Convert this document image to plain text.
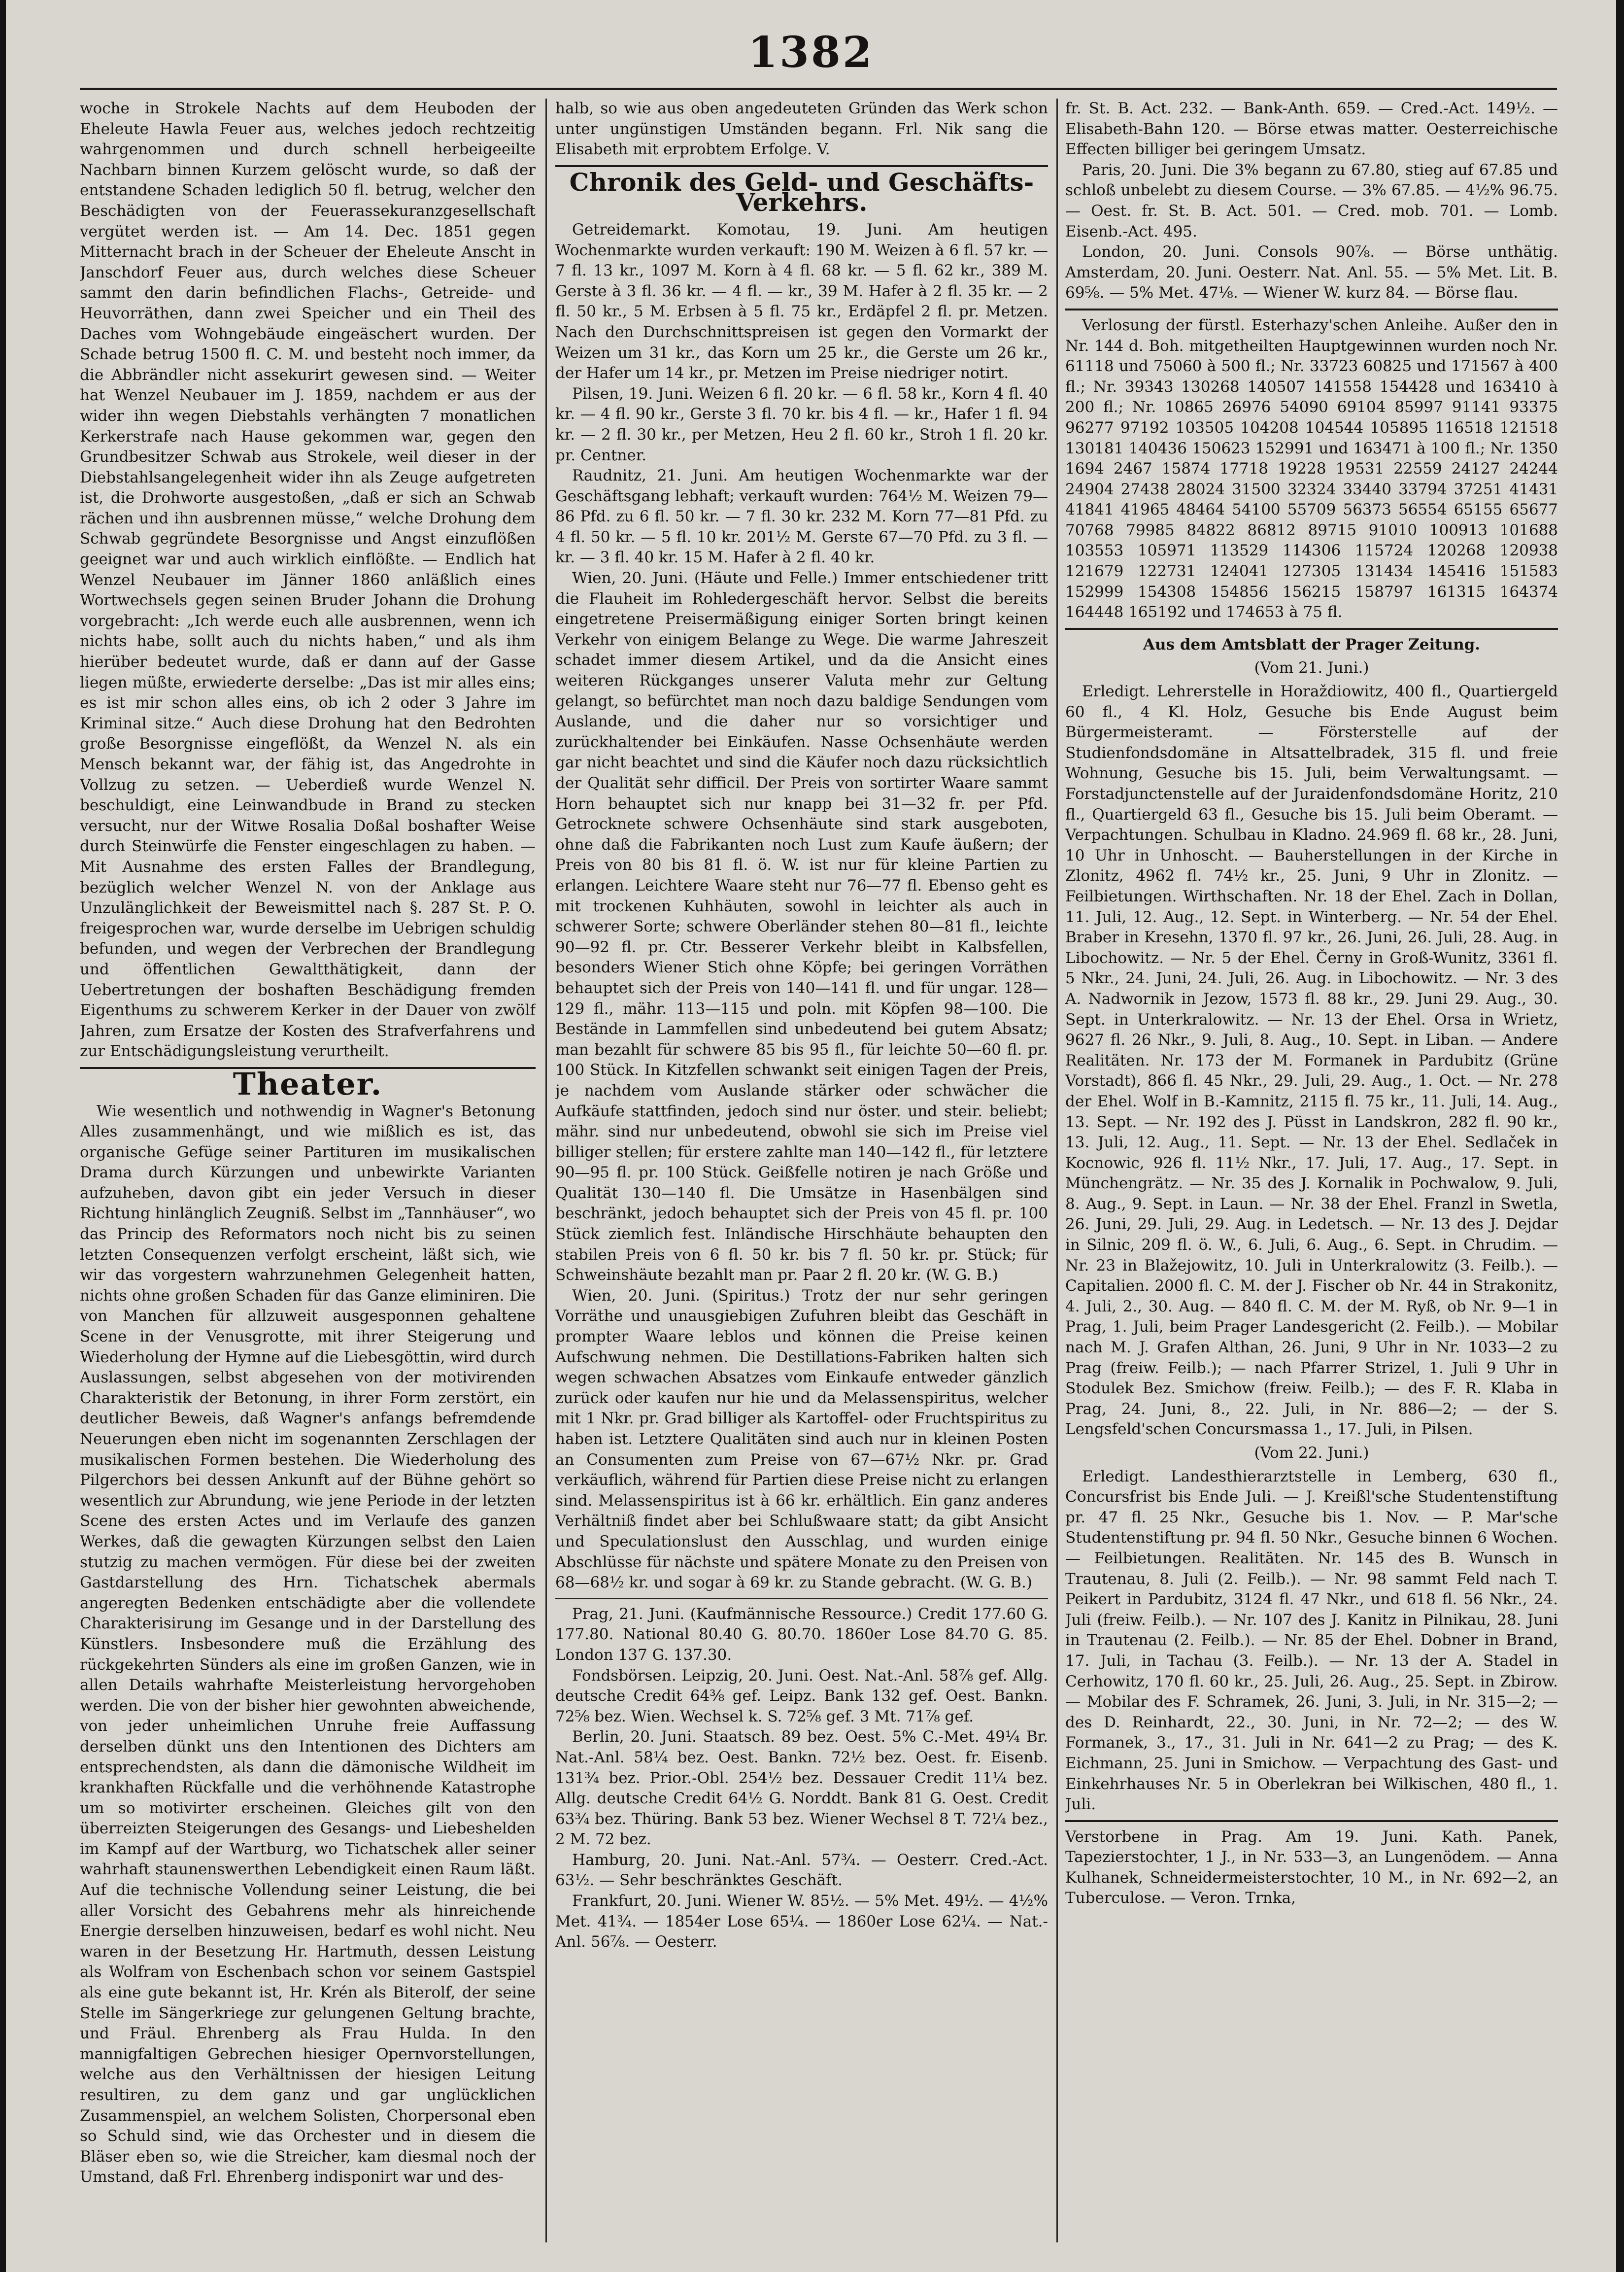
1382

woche in Strokele Nachts auf dem Heuboden der Eheleute Hawla Feuer aus, welches jedoch rechtzeitig wahrgenommen und durch schnell herbeigeeilte Nachbarn binnen Kurzem gelöscht wurde, so daß der entstandene Schaden lediglich 50 fl. betrug, welcher den Beschädigten von der Feuerassekuranzgesellschaft vergütet werden ist. — Am 14. Dec. 1851 gegen Mitternacht brach in der Scheuer der Eheleute Anscht in Janschdorf Feuer aus, durch welches diese Scheuer sammt den darin befindlichen Flachs-, Getreide- und Heuvorräthen, dann zwei Speicher und ein Theil des Daches vom Wohngebäude eingeäschert wurden. Der Schade betrug 1500 fl. C. M. und besteht noch immer, da die Abbrändler nicht assekurirt gewesen sind. — Weiter hat Wenzel Neubauer im J. 1859, nachdem er aus der wider ihn wegen Diebstahls verhängten 7 monatlichen Kerkerstrafe nach Hause gekommen war, gegen den Grundbesitzer Schwab aus Strokele, weil dieser in der Diebstahlsangelegenheit wider ihn als Zeuge aufgetreten ist, die Drohworte ausgestoßen, „daß er sich an Schwab rächen und ihn ausbrennen müsse,“ welche Drohung dem Schwab gegründete Besorgnisse und Angst einzuflößen geeignet war und auch wirklich einflößte. — Endlich hat Wenzel Neubauer im Jänner 1860 anläßlich eines Wortwechsels gegen seinen Bruder Johann die Drohung vorgebracht: „Ich werde euch alle ausbrennen, wenn ich nichts habe, sollt auch du nichts haben,“ und als ihm hierüber bedeutet wurde, daß er dann auf der Gasse liegen müßte, erwiederte derselbe: „Das ist mir alles eins; es ist mir schon alles eins, ob ich 2 oder 3 Jahre im Kriminal sitze.“ Auch diese Drohung hat den Bedrohten große Besorgnisse eingeflößt, da Wenzel N. als ein Mensch bekannt war, der fähig ist, das Angedrohte in Vollzug zu setzen. — Ueberdieß wurde Wenzel N. beschuldigt, eine Leinwandbude in Brand zu stecken versucht, nur der Witwe Rosalia Doßal boshafter Weise durch Steinwürfe die Fenster eingeschlagen zu haben. — Mit Ausnahme des ersten Falles der Brandlegung, bezüglich welcher Wenzel N. von der Anklage aus Unzulänglichkeit der Beweismittel nach §. 287 St. P. O. freigesprochen war, wurde derselbe im Uebrigen schuldig befunden, und wegen der Verbrechen der Brandlegung und öffentlichen Gewaltthätigkeit, dann der Uebertretungen der boshaften Beschädigung fremden Eigenthums zu schwerem Kerker in der Dauer von zwölf Jahren, zum Ersatze der Kosten des Strafverfahrens und zur Entschädigungsleistung verurtheilt.

Theater.

Wie wesentlich und nothwendig in Wagner's Betonung Alles zusammenhängt, und wie mißlich es ist, das organische Gefüge seiner Partituren im musikalischen Drama durch Kürzungen und unbewirkte Varianten aufzuheben, davon gibt ein jeder Versuch in dieser Richtung hinlänglich Zeugniß. Selbst im „Tannhäuser“, wo das Princip des Reformators noch nicht bis zu seinen letzten Consequenzen verfolgt erscheint, läßt sich, wie wir das vorgestern wahrzunehmen Gelegenheit hatten, nichts ohne großen Schaden für das Ganze eliminiren. Die von Manchen für allzuweit ausgesponnen gehaltene Scene in der Venusgrotte, mit ihrer Steigerung und Wiederholung der Hymne auf die Liebesgöttin, wird durch Auslassungen, selbst abgesehen von der motivirenden Charakteristik der Betonung, in ihrer Form zerstört, ein deutlicher Beweis, daß Wagner's anfangs befremdende Neuerungen eben nicht im sogenannten Zerschlagen der musikalischen Formen bestehen. Die Wiederholung des Pilgerchors bei dessen Ankunft auf der Bühne gehört so wesentlich zur Abrundung, wie jene Periode in der letzten Scene des ersten Actes und im Verlaufe des ganzen Werkes, daß die gewagten Kürzungen selbst den Laien stutzig zu machen vermögen. Für diese bei der zweiten Gastdarstellung des Hrn. Tichatschek abermals angeregten Bedenken entschädigte aber die vollendete Charakterisirung im Gesange und in der Darstellung des Künstlers. Insbesondere muß die Erzählung des rückgekehrten Sünders als eine im großen Ganzen, wie in allen Details wahrhafte Meisterleistung hervorgehoben werden. Die von der bisher hier gewohnten abweichende, von jeder unheimlichen Unruhe freie Auffassung derselben dünkt uns den Intentionen des Dichters am entsprechendsten, als dann die dämonische Wildheit im krankhaften Rückfalle und die verhöhnende Katastrophe um so motivirter erscheinen. Gleiches gilt von den überreizten Steigerungen des Gesangs- und Liebeshelden im Kampf auf der Wartburg, wo Tichatschek aller seiner wahrhaft staunenswerthen Lebendigkeit einen Raum läßt. Auf die technische Vollendung seiner Leistung, die bei aller Vorsicht des Gebahrens mehr als hinreichende Energie derselben hinzuweisen, bedarf es wohl nicht. Neu waren in der Besetzung Hr. Hartmuth, dessen Leistung als Wolfram von Eschenbach schon vor seinem Gastspiel als eine gute bekannt ist, Hr. Krén als Biterolf, der seine Stelle im Sängerkriege zur gelungenen Geltung brachte, und Fräul. Ehrenberg als Frau Hulda. In den mannigfaltigen Gebrechen hiesiger Opernvorstellungen, welche aus den Verhältnissen der hiesigen Leitung resultiren, zu dem ganz und gar unglücklichen Zusammenspiel, an welchem Solisten, Chorpersonal eben so Schuld sind, wie das Orchester und in diesem die Bläser eben so, wie die Streicher, kam diesmal noch der Umstand, daß Frl. Ehrenberg indisponirt war und des-

halb, so wie aus oben angedeuteten Gründen das Werk schon unter ungünstigen Umständen begann. Frl. Nik sang die Elisabeth mit erprobtem Erfolge. V.

Chronik des Geld- und Geschäfts-Verkehrs.

Getreidemarkt. Komotau, 19. Juni. Am heutigen Wochenmarkte wurden verkauft: 190 M. Weizen à 6 fl. 57 kr. — 7 fl. 13 kr., 1097 M. Korn à 4 fl. 68 kr. — 5 fl. 62 kr., 389 M. Gerste à 3 fl. 36 kr. — 4 fl. — kr., 39 M. Hafer à 2 fl. 35 kr. — 2 fl. 50 kr., 5 M. Erbsen à 5 fl. 75 kr., Erdäpfel 2 fl. pr. Metzen. Nach den Durchschnittspreisen ist gegen den Vormarkt der Weizen um 31 kr., das Korn um 25 kr., die Gerste um 26 kr., der Hafer um 14 kr., pr. Metzen im Preise niedriger notirt.

Pilsen, 19. Juni. Weizen 6 fl. 20 kr. — 6 fl. 58 kr., Korn 4 fl. 40 kr. — 4 fl. 90 kr., Gerste 3 fl. 70 kr. bis 4 fl. — kr., Hafer 1 fl. 94 kr. — 2 fl. 30 kr., per Metzen, Heu 2 fl. 60 kr., Stroh 1 fl. 20 kr. pr. Centner.

Raudnitz, 21. Juni. Am heutigen Wochenmarkte war der Geschäftsgang lebhaft; verkauft wurden: 764½ M. Weizen 79—86 Pfd. zu 6 fl. 50 kr. — 7 fl. 30 kr. 232 M. Korn 77—81 Pfd. zu 4 fl. 50 kr. — 5 fl. 10 kr. 201½ M. Gerste 67—70 Pfd. zu 3 fl. — kr. — 3 fl. 40 kr. 15 M. Hafer à 2 fl. 40 kr.

Wien, 20. Juni. (Häute und Felle.) Immer entschiedener tritt die Flauheit im Rohledergeschäft hervor. Selbst die bereits eingetretene Preisermäßigung einiger Sorten bringt keinen Verkehr von einigem Belange zu Wege. Die warme Jahreszeit schadet immer diesem Artikel, und da die Ansicht eines weiteren Rückganges unserer Valuta mehr zur Geltung gelangt, so befürchtet man noch dazu baldige Sendungen vom Auslande, und die daher nur so vorsichtiger und zurückhaltender bei Einkäufen. Nasse Ochsenhäute werden gar nicht beachtet und sind die Käufer noch dazu rücksichtlich der Qualität sehr difficil. Der Preis von sortirter Waare sammt Horn behauptet sich nur knapp bei 31—32 fr. per Pfd. Getrocknete schwere Ochsenhäute sind stark ausgeboten, ohne daß die Fabrikanten noch Lust zum Kaufe äußern; der Preis von 80 bis 81 fl. ö. W. ist nur für kleine Partien zu erlangen. Leichtere Waare steht nur 76—77 fl. Ebenso geht es mit trockenen Kuhhäuten, sowohl in leichter als auch in schwerer Sorte; schwere Oberländer stehen 80—81 fl., leichte 90—92 fl. pr. Ctr. Besserer Verkehr bleibt in Kalbsfellen, besonders Wiener Stich ohne Köpfe; bei geringen Vorräthen behauptet sich der Preis von 140—141 fl. und für ungar. 128—129 fl., mähr. 113—115 und poln. mit Köpfen 98—100. Die Bestände in Lammfellen sind unbedeutend bei gutem Absatz; man bezahlt für schwere 85 bis 95 fl., für leichte 50—60 fl. pr. 100 Stück. In Kitzfellen schwankt seit einigen Tagen der Preis, je nachdem vom Auslande stärker oder schwächer die Aufkäufe stattfinden, jedoch sind nur öster. und steir. beliebt; mähr. sind nur unbedeutend, obwohl sie sich im Preise viel billiger stellen; für erstere zahlte man 140—142 fl., für letztere 90—95 fl. pr. 100 Stück. Geißfelle notiren je nach Größe und Qualität 130—140 fl. Die Umsätze in Hasenbälgen sind beschränkt, jedoch behauptet sich der Preis von 45 fl. pr. 100 Stück ziemlich fest. Inländische Hirschhäute behaupten den stabilen Preis von 6 fl. 50 kr. bis 7 fl. 50 kr. pr. Stück; für Schweinshäute bezahlt man pr. Paar 2 fl. 20 kr. (W. G. B.)

Wien, 20. Juni. (Spiritus.) Trotz der nur sehr geringen Vorräthe und unausgiebigen Zufuhren bleibt das Geschäft in prompter Waare leblos und können die Preise keinen Aufschwung nehmen. Die Destillations-Fabriken halten sich wegen schwachen Absatzes vom Einkaufe entweder gänzlich zurück oder kaufen nur hie und da Melassenspiritus, welcher mit 1 Nkr. pr. Grad billiger als Kartoffel- oder Fruchtspiritus zu haben ist. Letztere Qualitäten sind auch nur in kleinen Posten an Consumenten zum Preise von 67—67½ Nkr. pr. Grad verkäuflich, während für Partien diese Preise nicht zu erlangen sind. Melassenspiritus ist à 66 kr. erhältlich. Ein ganz anderes Verhältniß findet aber bei Schlußwaare statt; da gibt Ansicht und Speculationslust den Ausschlag, und wurden einige Abschlüsse für nächste und spätere Monate zu den Preisen von 68—68½ kr. und sogar à 69 kr. zu Stande gebracht. (W. G. B.)

Prag, 21. Juni. (Kaufmännische Ressource.) Credit 177.60 G. 177.80. National 80.40 G. 80.70. 1860er Lose 84.70 G. 85. London 137 G. 137.30.

Fondsbörsen. Leipzig, 20. Juni. Oest. Nat.-Anl. 58⅞ gef. Allg. deutsche Credit 64⅜ gef. Leipz. Bank 132 gef. Oest. Bankn. 72⅝ bez. Wien. Wechsel k. S. 72⅝ gef. 3 Mt. 71⅞ gef.

Berlin, 20. Juni. Staatsch. 89 bez. Oest. 5% C.-Met. 49¼ Br. Nat.-Anl. 58¼ bez. Oest. Bankn. 72½ bez. Oest. fr. Eisenb. 131¾ bez. Prior.-Obl. 254½ bez. Dessauer Credit 11¼ bez. Allg. deutsche Credit 64½ G. Norddt. Bank 81 G. Oest. Credit 63¾ bez. Thüring. Bank 53 bez. Wiener Wechsel 8 T. 72¼ bez., 2 M. 72 bez.

Hamburg, 20. Juni. Nat.-Anl. 57¾. — Oesterr. Cred.-Act. 63½. — Sehr beschränktes Geschäft.

Frankfurt, 20. Juni. Wiener W. 85½. — 5% Met. 49½. — 4½% Met. 41¾. — 1854er Lose 65¼. — 1860er Lose 62¼. — Nat.-Anl. 56⅞. — Oesterr.

fr. St. B. Act. 232. — Bank-Anth. 659. — Cred.-Act. 149½. — Elisabeth-Bahn 120. — Börse etwas matter. Oesterreichische Effecten billiger bei geringem Umsatz.

Paris, 20. Juni. Die 3% begann zu 67.80, stieg auf 67.85 und schloß unbelebt zu diesem Course. — 3% 67.85. — 4½% 96.75. — Oest. fr. St. B. Act. 501. — Cred. mob. 701. — Lomb. Eisenb.-Act. 495.

London, 20. Juni. Consols 90⅞. — Börse unthätig. Amsterdam, 20. Juni. Oesterr. Nat. Anl. 55. — 5% Met. Lit. B. 69⅝. — 5% Met. 47⅛. — Wiener W. kurz 84. — Börse flau.

Verlosung der fürstl. Esterhazy'schen Anleihe. Außer den in Nr. 144 d. Boh. mitgetheilten Hauptgewinnen wurden noch Nr. 61118 und 75060 à 500 fl.; Nr. 33723 60825 und 171567 à 400 fl.; Nr. 39343 130268 140507 141558 154428 und 163410 à 200 fl.; Nr. 10865 26976 54090 69104 85997 91141 93375 96277 97192 103505 104208 104544 105895 116518 121518 130181 140436 150623 152991 und 163471 à 100 fl.; Nr. 1350 1694 2467 15874 17718 19228 19531 22559 24127 24244 24904 27438 28024 31500 32324 33440 33794 37251 41431 41841 41965 48464 54100 55709 56373 56554 65155 65677 70768 79985 84822 86812 89715 91010 100913 101688 103553 105971 113529 114306 115724 120268 120938 121679 122731 124041 127305 131434 145416 151583 152999 154308 154856 156215 158797 161315 164374 164448 165192 und 174653 à 75 fl.

Aus dem Amtsblatt der Prager Zeitung.
(Vom 21. Juni.)

Erledigt. Lehrerstelle in Horaždiowitz, 400 fl., Quartiergeld 60 fl., 4 Kl. Holz, Gesuche bis Ende August beim Bürgermeisteramt. — Försterstelle auf der Studienfondsdomäne in Altsattelbradek, 315 fl. und freie Wohnung, Gesuche bis 15. Juli, beim Verwaltungsamt. — Forstadjunctenstelle auf der Juraidenfondsdomäne Horitz, 210 fl., Quartiergeld 63 fl., Gesuche bis 15. Juli beim Oberamt. — Verpachtungen. Schulbau in Kladno. 24.969 fl. 68 kr., 28. Juni, 10 Uhr in Unhoscht. — Bauherstellungen in der Kirche in Zlonitz, 4962 fl. 74½ kr., 25. Juni, 9 Uhr in Zlonitz. — Feilbietungen. Wirthschaften. Nr. 18 der Ehel. Zach in Dollan, 11. Juli, 12. Aug., 12. Sept. in Winterberg. — Nr. 54 der Ehel. Braber in Kresehn, 1370 fl. 97 kr., 26. Juni, 26. Juli, 28. Aug. in Libochowitz. — Nr. 5 der Ehel. Černy in Groß-Wunitz, 3361 fl. 5 Nkr., 24. Juni, 24. Juli, 26. Aug. in Libochowitz. — Nr. 3 des A. Nadwornik in Jezow, 1573 fl. 88 kr., 29. Juni 29. Aug., 30. Sept. in Unterkralowitz. — Nr. 13 der Ehel. Orsa in Wrietz, 9627 fl. 26 Nkr., 9. Juli, 8. Aug., 10. Sept. in Liban. — Andere Realitäten. Nr. 173 der M. Formanek in Pardubitz (Grüne Vorstadt), 866 fl. 45 Nkr., 29. Juli, 29. Aug., 1. Oct. — Nr. 278 der Ehel. Wolf in B.-Kamnitz, 2115 fl. 75 kr., 11. Juli, 14. Aug., 13. Sept. — Nr. 192 des J. Püsst in Landskron, 282 fl. 90 kr., 13. Juli, 12. Aug., 11. Sept. — Nr. 13 der Ehel. Sedlaček in Kocnowic, 926 fl. 11½ Nkr., 17. Juli, 17. Aug., 17. Sept. in Münchengrätz. — Nr. 35 des J. Kornalik in Pochwalow, 9. Juli, 8. Aug., 9. Sept. in Laun. — Nr. 38 der Ehel. Franzl in Swetla, 26. Juni, 29. Juli, 29. Aug. in Ledetsch. — Nr. 13 des J. Dejdar in Silnic, 209 fl. ö. W., 6. Juli, 6. Aug., 6. Sept. in Chrudim. — Nr. 23 in Blažejowitz, 10. Juli in Unterkralowitz (3. Feilb.). — Capitalien. 2000 fl. C. M. der J. Fischer ob Nr. 44 in Strakonitz, 4. Juli, 2., 30. Aug. — 840 fl. C. M. der M. Ryß, ob Nr. 9—1 in Prag, 1. Juli, beim Prager Landesgericht (2. Feilb.). — Mobilar nach M. J. Grafen Althan, 26. Juni, 9 Uhr in Nr. 1033—2 zu Prag (freiw. Feilb.); — nach Pfarrer Strizel, 1. Juli 9 Uhr in Stodulek Bez. Smichow (freiw. Feilb.); — des F. R. Klaba in Prag, 24. Juni, 8., 22. Juli, in Nr. 886—2; — der S. Lengsfeld'schen Concursmassa 1., 17. Juli, in Pilsen.

(Vom 22. Juni.)

Erledigt. Landesthierarztstelle in Lemberg, 630 fl., Concursfrist bis Ende Juli. — J. Kreißl'sche Studentenstiftung pr. 47 fl. 25 Nkr., Gesuche bis 1. Nov. — P. Mar'sche Studentenstiftung pr. 94 fl. 50 Nkr., Gesuche binnen 6 Wochen. — Feilbietungen. Realitäten. Nr. 145 des B. Wunsch in Trautenau, 8. Juli (2. Feilb.). — Nr. 98 sammt Feld nach T. Peikert in Pardubitz, 3124 fl. 47 Nkr., und 618 fl. 56 Nkr., 24. Juli (freiw. Feilb.). — Nr. 107 des J. Kanitz in Pilnikau, 28. Juni in Trautenau (2. Feilb.). — Nr. 85 der Ehel. Dobner in Brand, 17. Juli, in Tachau (3. Feilb.). — Nr. 13 der A. Stadel in Cerhowitz, 170 fl. 60 kr., 25. Juli, 26. Aug., 25. Sept. in Zbirow. — Mobilar des F. Schramek, 26. Juni, 3. Juli, in Nr. 315—2; — des D. Reinhardt, 22., 30. Juni, in Nr. 72—2; — des W. Formanek, 3., 17., 31. Juli in Nr. 641—2 zu Prag; — des K. Eichmann, 25. Juni in Smichow. — Verpachtung des Gast- und Einkehrhauses Nr. 5 in Oberlekran bei Wilkischen, 480 fl., 1. Juli.

Verstorbene in Prag. Am 19. Juni. Kath. Panek, Tapezierstochter, 1 J., in Nr. 533—3, an Lungenödem. — Anna Kulhanek, Schneidermeisterstochter, 10 M., in Nr. 692—2, an Tuberculose. — Veron. Trnka,
